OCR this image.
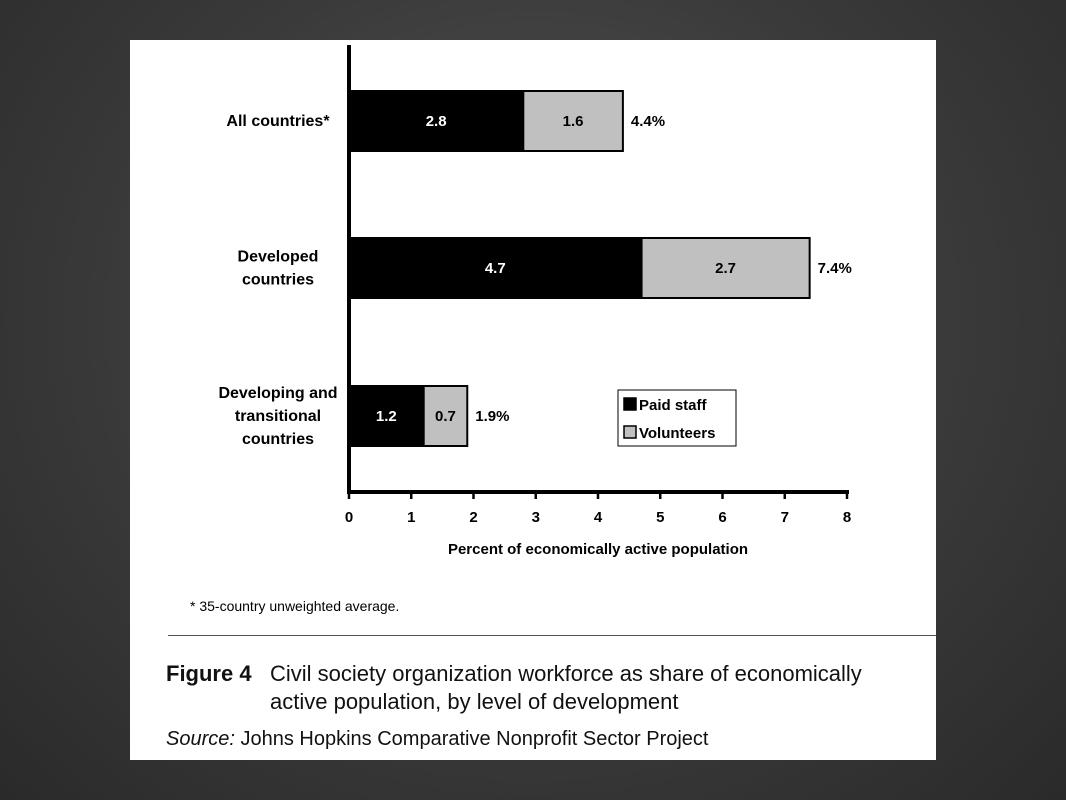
2.8	1.6	4.4%
All countries*
4.7	2.7	7.4%
Developed
countries
1.2	0.7 1.9%
Developing and
transitional
countries
0	1	2	3	4	5	6	7	8
Percent of economically active population
Paid staff
Volunteers
* 35-country unweighted average.
Figure 4 Civil society organization workforce as share of economically active population, by level of development
Source: Johns Hopkins Comparative Nonprofit Sector Project
